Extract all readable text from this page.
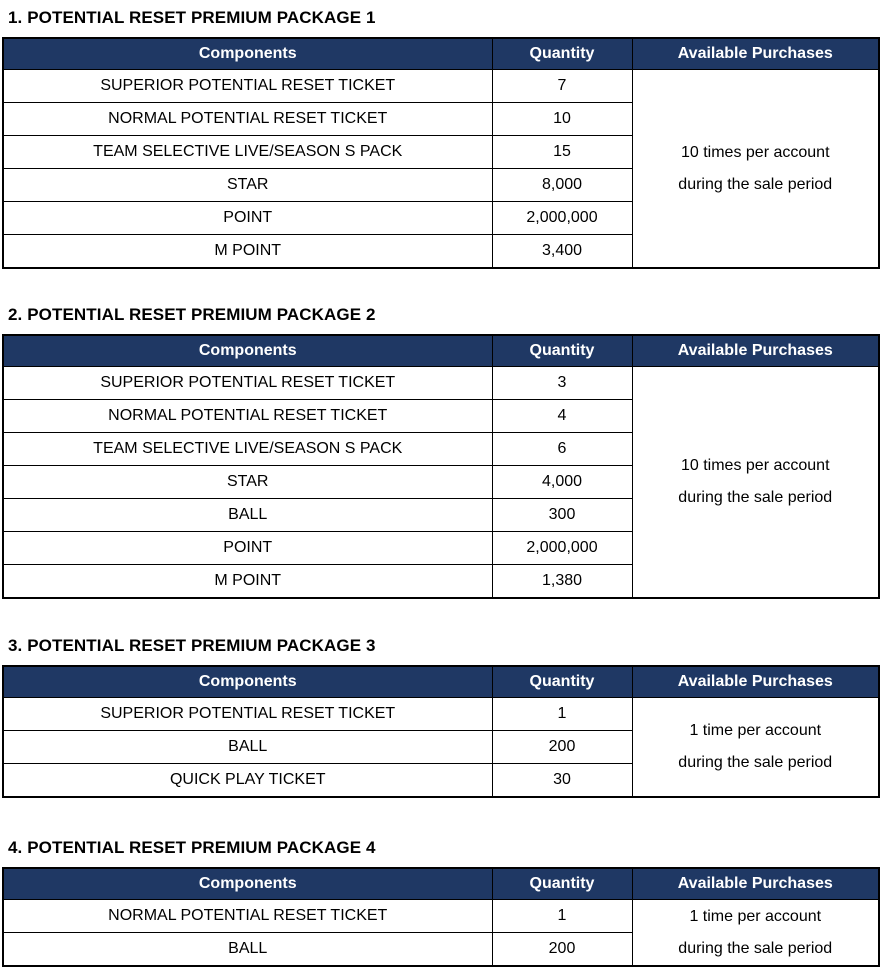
1. POTENTIAL RESET PREMIUM PACKAGE 1
Components	Quantity	Available Purchases
SUPERIOR POTENTIAL RESET TICKET	7	10 times per account
during the sale period

NORMAL POTENTIAL RESET TICKET	10	
TEAM SELECTIVE LIVE/SEASON S PACK	15	
STAR	8,000	
POINT	2,000,000	
M POINT	3,400	
2. POTENTIAL RESET PREMIUM PACKAGE 2
Components	Quantity	Available Purchases
SUPERIOR POTENTIAL RESET TICKET	3	10 times per account
during the sale period

NORMAL POTENTIAL RESET TICKET	4	
TEAM SELECTIVE LIVE/SEASON S PACK	6	
STAR	4,000	
BALL	300	
POINT	2,000,000	
M POINT	1,380	
3. POTENTIAL RESET PREMIUM PACKAGE 3
Components	Quantity	Available Purchases
SUPERIOR POTENTIAL RESET TICKET	1	1 time per account
during the sale period

BALL	200	
QUICK PLAY TICKET	30	
4. POTENTIAL RESET PREMIUM PACKAGE 4
Components	Quantity	Available Purchases
NORMAL POTENTIAL RESET TICKET	1	1 time per account
during the sale period

BALL	200	
